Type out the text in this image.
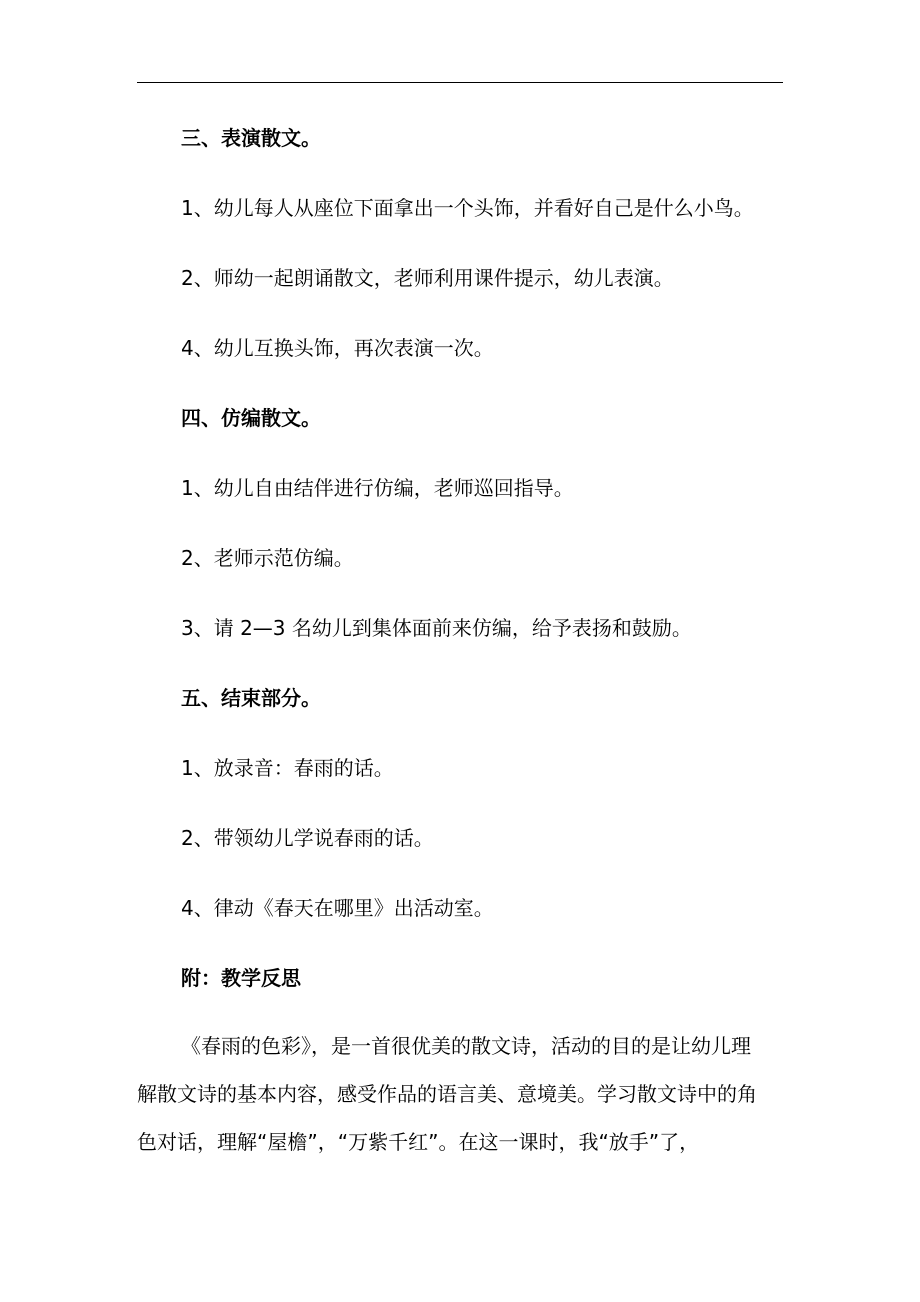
三、表演散文。
1、幼儿每人从座位下面拿出一个头饰，并看好自己是什么小鸟。
2、师幼一起朗诵散文，老师利用课件提示，幼儿表演。
4、幼儿互换头饰，再次表演一次。
四、仿编散文。
1、幼儿自由结伴进行仿编，老师巡回指导。
2、老师示范仿编。
3、请 2—3 名幼儿到集体面前来仿编，给予表扬和鼓励。
五、结束部分。
1、放录音：春雨的话。
2、带领幼儿学说春雨的话。
4、律动《春天在哪里》出活动室。
附：教学反思
《春雨的色彩》，是一首很优美的散文诗，活动的目的是让幼儿理
解散文诗的基本内容，感受作品的语言美、意境美。学习散文诗中的角
色对话，理解“屋檐”，“万紫千红”。在这一课时，我“放手”了，
